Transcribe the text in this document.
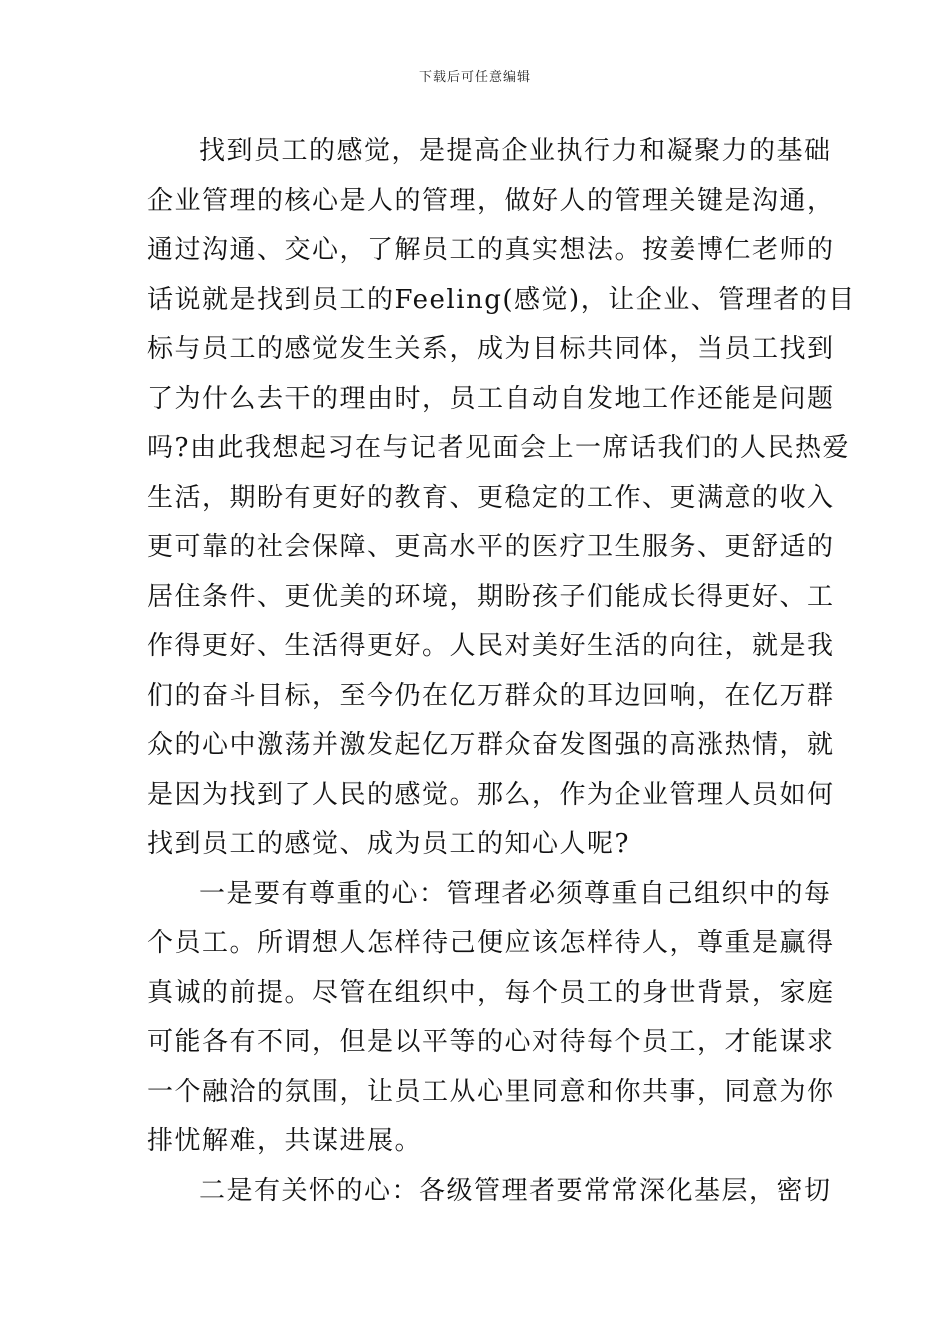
下载后可任意编辑
找到员工的感觉，是提高企业执行力和凝聚力的基础
企业管理的核心是人的管理，做好人的管理关键是沟通，
通过沟通、交心，了解员工的真实想法。按姜博仁老师的
话说就是找到员工的Feeling(感觉)，让企业、管理者的目
标与员工的感觉发生关系，成为目标共同体，当员工找到
了为什么去干的理由时，员工自动自发地工作还能是问题
吗?由此我想起习在与记者见面会上一席话我们的人民热爱
生活，期盼有更好的教育、更稳定的工作、更满意的收入
更可靠的社会保障、更高水平的医疗卫生服务、更舒适的
居住条件、更优美的环境，期盼孩子们能成长得更好、工
作得更好、生活得更好。人民对美好生活的向往，就是我
们的奋斗目标，至今仍在亿万群众的耳边回响，在亿万群
众的心中激荡并激发起亿万群众奋发图强的高涨热情，就
是因为找到了人民的感觉。那么，作为企业管理人员如何
找到员工的感觉、成为员工的知心人呢?
一是要有尊重的心：管理者必须尊重自己组织中的每
个员工。所谓想人怎样待己便应该怎样待人，尊重是赢得
真诚的前提。尽管在组织中，每个员工的身世背景，家庭
可能各有不同，但是以平等的心对待每个员工，才能谋求
一个融洽的氛围，让员工从心里同意和你共事，同意为你
排忧解难，共谋进展。
二是有关怀的心：各级管理者要常常深化基层，密切
